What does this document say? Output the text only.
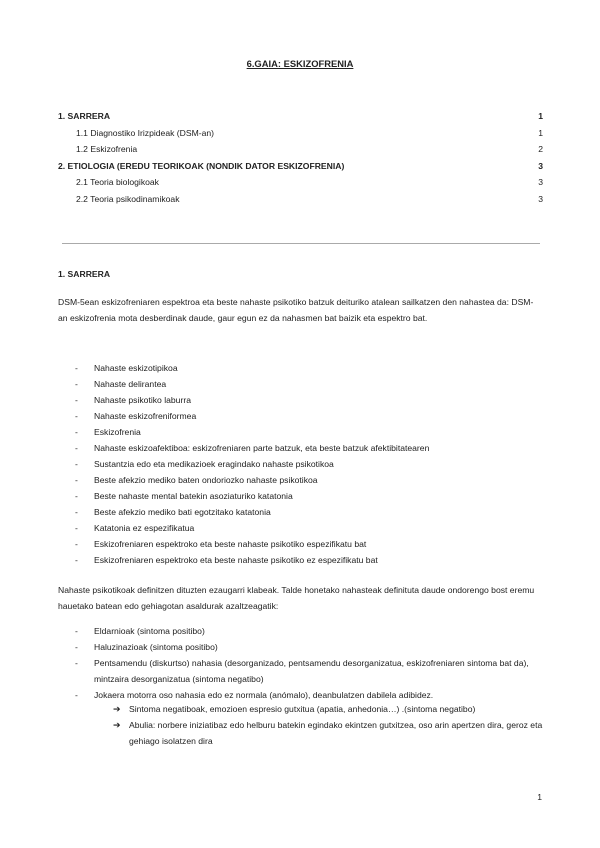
6.GAIA: ESKIZOFRENIA
1. SARRERA	1
1.1 Diagnostiko Irizpideak (DSM-an)	1
1.2 Eskizofrenia	2
2. ETIOLOGIA (EREDU TEORIKOAK (NONDIK DATOR ESKIZOFRENIA)	3
2.1 Teoria biologikoak	3
2.2 Teoria psikodinamikoak	3
1. SARRERA
DSM-5ean eskizofreniaren espektroa eta beste nahaste psikotiko batzuk deituriko atalean sailkatzen den nahastea da: DSM-an eskizofrenia mota desberdinak daude, gaur egun ez da nahasmen bat baizik eta espektro bat.
- Nahaste eskizotipikoa
- Nahaste delirantea
- Nahaste psikotiko laburra
- Nahaste eskizofreniformea
- Eskizofrenia
- Nahaste eskizoafektiboa: eskizofreniaren parte batzuk, eta beste batzuk afektibitatearen
- Sustantzia edo eta medikazioek eragindako nahaste psikotikoa
- Beste afekzio mediko baten ondoriozko nahaste psikotikoa
- Beste nahaste mental batekin asoziaturiko katatonia
- Beste afekzio mediko bati egotzitako katatonia
- Katatonia ez espezifikatua
- Eskizofreniaren espektroko eta beste nahaste psikotiko espezifikatu bat
- Eskizofreniaren espektroko eta beste nahaste psikotiko ez espezifikatu bat
Nahaste psikotikoak definitzen dituzten ezaugarri klabeak. Talde honetako nahasteak definituta daude ondorengo bost eremu hauetako batean edo gehiagotan asaldurak azaltzeagatik:
- Eldarnioak (sintoma positibo)
- Haluzinazioak (sintoma positibo)
- Pentsamendu (diskurtso) nahasia (desorganizado, pentsamendu desorganizatua, eskizofreniaren sintoma bat da), mintzaira desorganizatua (sintoma negatibo)
- Jokaera motorra oso nahasia edo ez normala (anómalo), deanbulatzen dabilela adibidez.
➔ Sintoma negatiboak, emozioen espresio gutxitua (apatia, anhedonia…) .(sintoma negatibo)
➔ Abulia: norbere iniziatibaz edo helburu batekin egindako ekintzen gutxitzea, oso arin apertzen dira, geroz eta gehiago isolatzen dira
1
